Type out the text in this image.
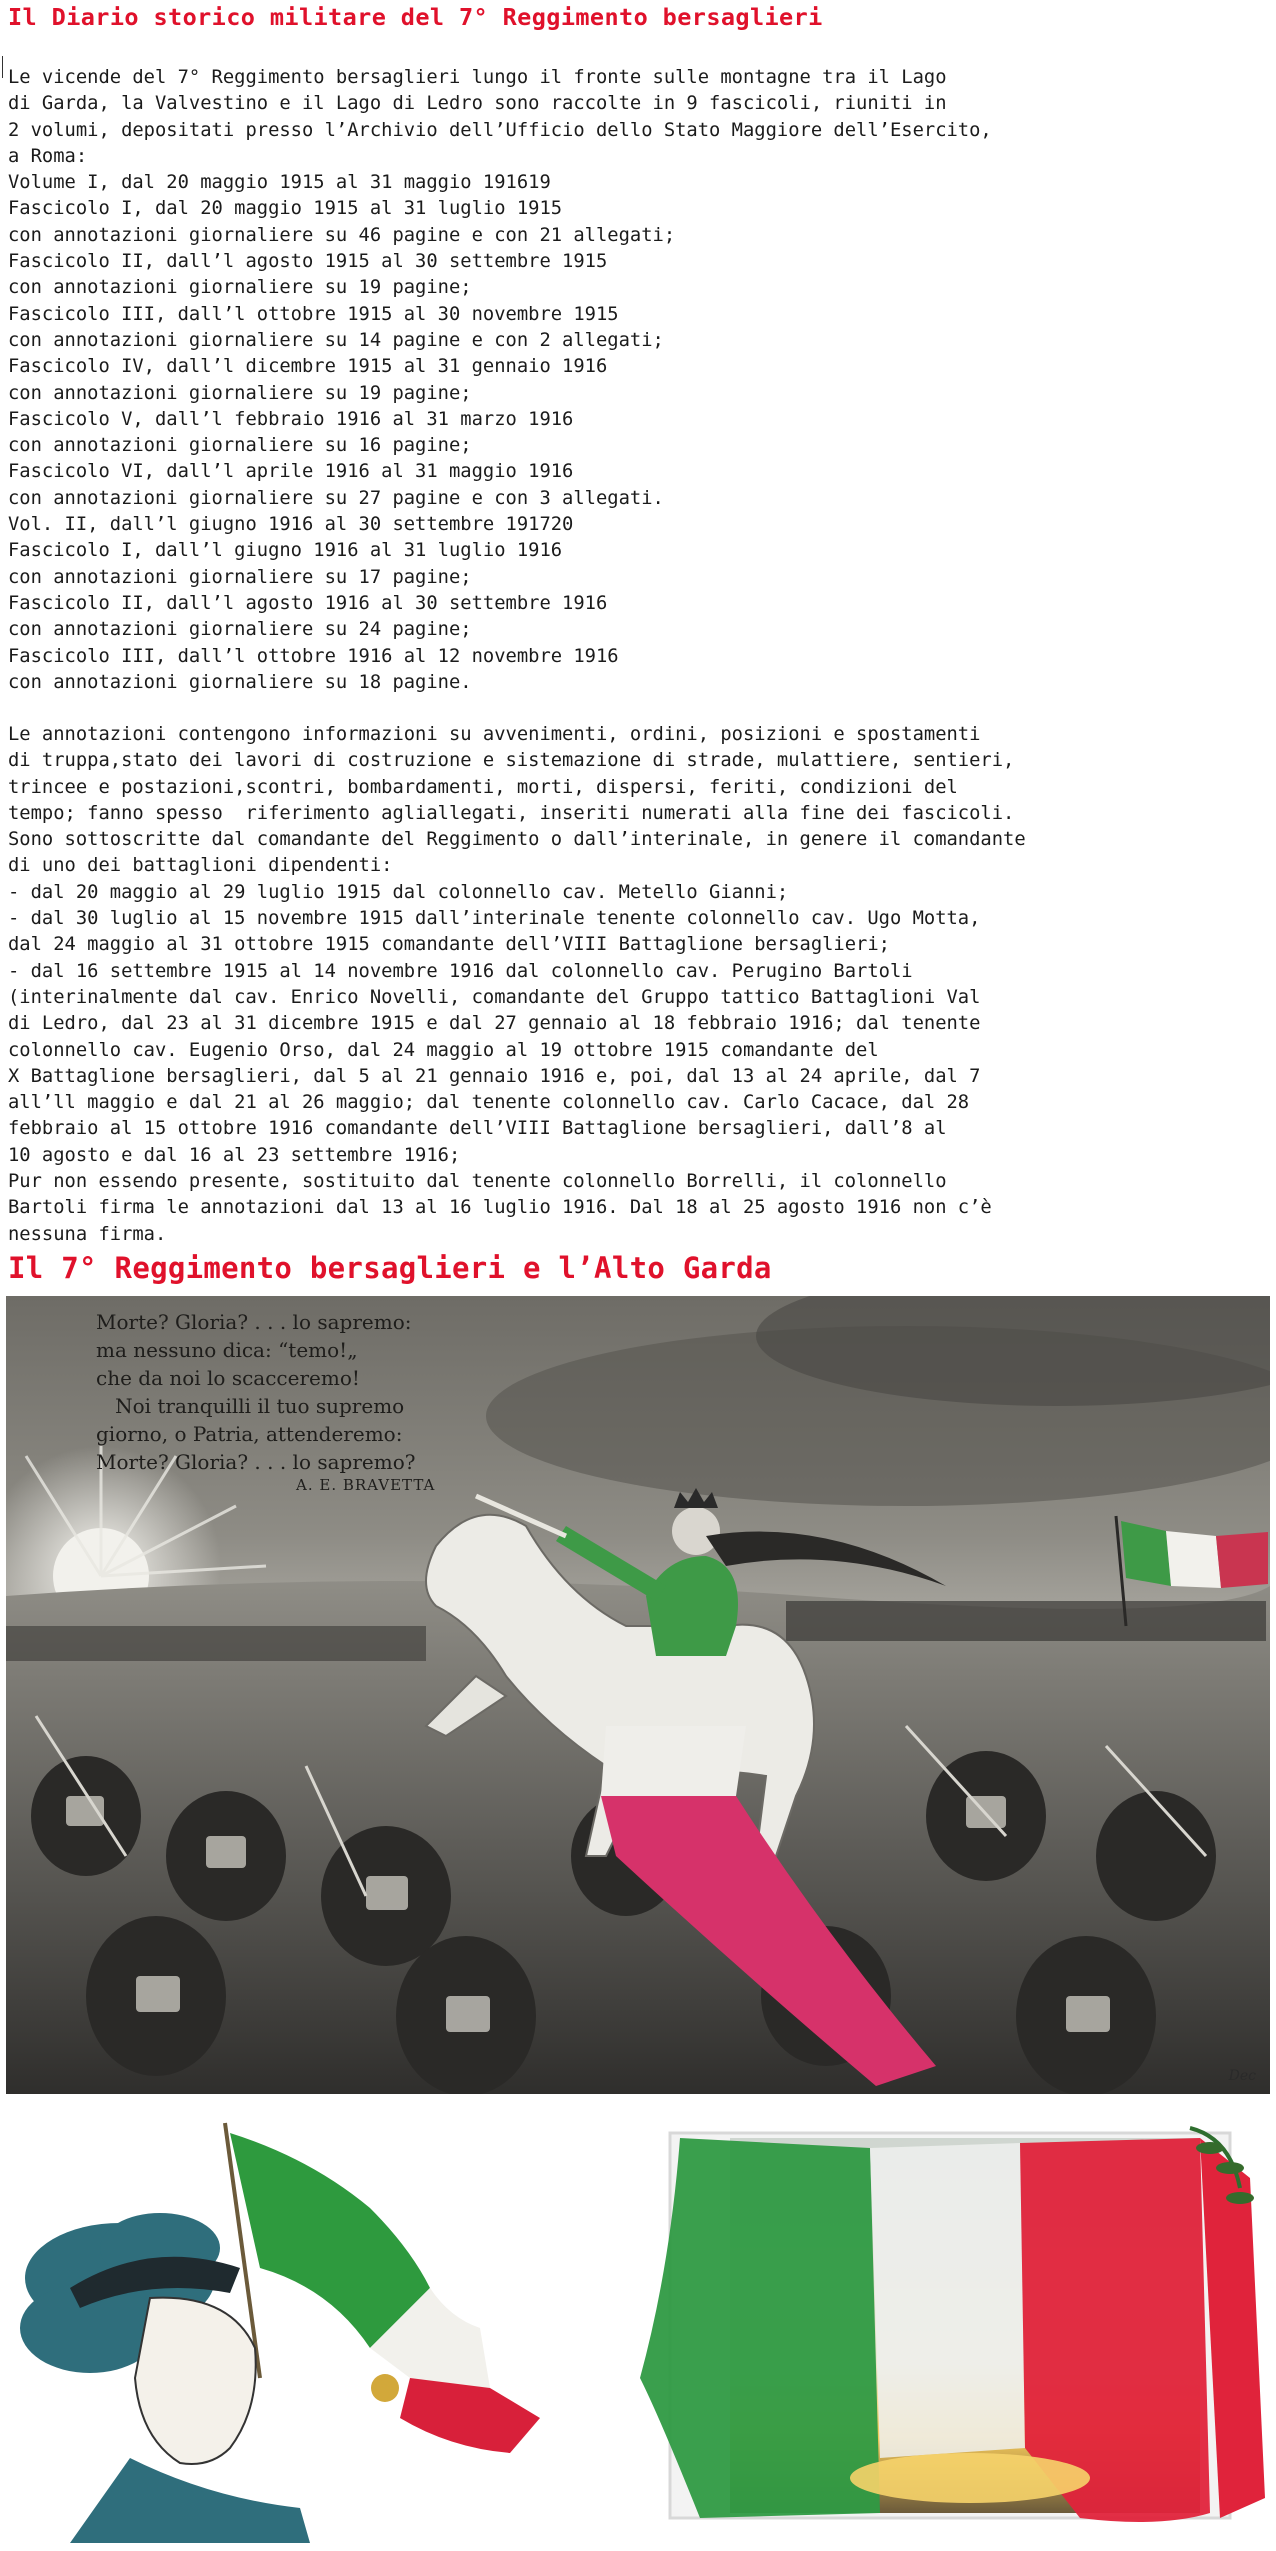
Il Diario storico militare del 7° Reggimento bersaglieri
Le vicende del 7° Reggimento bersaglieri lungo il fronte sulle montagne tra il Lago
di Garda, la Valvestino e il Lago di Ledro sono raccolte in 9 fascicoli, riuniti in
2 volumi, depositati presso l’Archivio dell’Ufficio dello Stato Maggiore dell’Esercito,
a Roma:
Volume I, dal 20 maggio 1915 al 31 maggio 191619
Fascicolo I, dal 20 maggio 1915 al 31 luglio 1915
con annotazioni giornaliere su 46 pagine e con 21 allegati;
Fascicolo II, dall’l agosto 1915 al 30 settembre 1915
con annotazioni giornaliere su 19 pagine;
Fascicolo III, dall’l ottobre 1915 al 30 novembre 1915
con annotazioni giornaliere su 14 pagine e con 2 allegati;
Fascicolo IV, dall’l dicembre 1915 al 31 gennaio 1916
con annotazioni giornaliere su 19 pagine;
Fascicolo V, dall’l febbraio 1916 al 31 marzo 1916
con annotazioni giornaliere su 16 pagine;
Fascicolo VI, dall’l aprile 1916 al 31 maggio 1916
con annotazioni giornaliere su 27 pagine e con 3 allegati.
Vol. II, dall’l giugno 1916 al 30 settembre 191720
Fascicolo I, dall’l giugno 1916 al 31 luglio 1916
con annotazioni giornaliere su 17 pagine;
Fascicolo II, dall’l agosto 1916 al 30 settembre 1916
con annotazioni giornaliere su 24 pagine;
Fascicolo III, dall’l ottobre 1916 al 12 novembre 1916
con annotazioni giornaliere su 18 pagine.
Le annotazioni contengono informazioni su avvenimenti, ordini, posizioni e spostamenti
di truppa,stato dei lavori di costruzione e sistemazione di strade, mulattiere, sentieri,
trincee e postazioni,scontri, bombardamenti, morti, dispersi, feriti, condizioni del
tempo; fanno spesso  riferimento agliallegati, inseriti numerati alla fine dei fascicoli.
Sono sottoscritte dal comandante del Reggimento o dall’interinale, in genere il comandante
di uno dei battaglioni dipendenti:
- dal 20 maggio al 29 luglio 1915 dal colonnello cav. Metello Gianni;
- dal 30 luglio al 15 novembre 1915 dall’interinale tenente colonnello cav. Ugo Motta,
dal 24 maggio al 31 ottobre 1915 comandante dell’VIII Battaglione bersaglieri;
- dal 16 settembre 1915 al 14 novembre 1916 dal colonnello cav. Perugino Bartoli
(interinalmente dal cav. Enrico Novelli, comandante del Gruppo tattico Battaglioni Val
di Ledro, dal 23 al 31 dicembre 1915 e dal 27 gennaio al 18 febbraio 1916; dal tenente
colonnello cav. Eugenio Orso, dal 24 maggio al 19 ottobre 1915 comandante del
X Battaglione bersaglieri, dal 5 al 21 gennaio 1916 e, poi, dal 13 al 24 aprile, dal 7
all’ll maggio e dal 21 al 26 maggio; dal tenente colonnello cav. Carlo Cacace, dal 28
febbraio al 15 ottobre 1916 comandante dell’VIII Battaglione bersaglieri, dall’8 al
10 agosto e dal 16 al 23 settembre 1916;
Pur non essendo presente, sostituito dal tenente colonnello Borrelli, il colonnello
Bartoli firma le annotazioni dal 13 al 16 luglio 1916. Dal 18 al 25 agosto 1916 non c’è
nessuna firma.
Il 7° Reggimento bersaglieri e l’Alto Garda
Morte? Gloria? . . . lo sapremo:
ma nessuno dica: “temo!„
che da noi lo scacceremo!
Noi tranquilli il tuo supremo
giorno, o Patria, attenderemo:
Morte? Gloria? . . . lo sapremo?
A. E. BRAVETTA
Dec
